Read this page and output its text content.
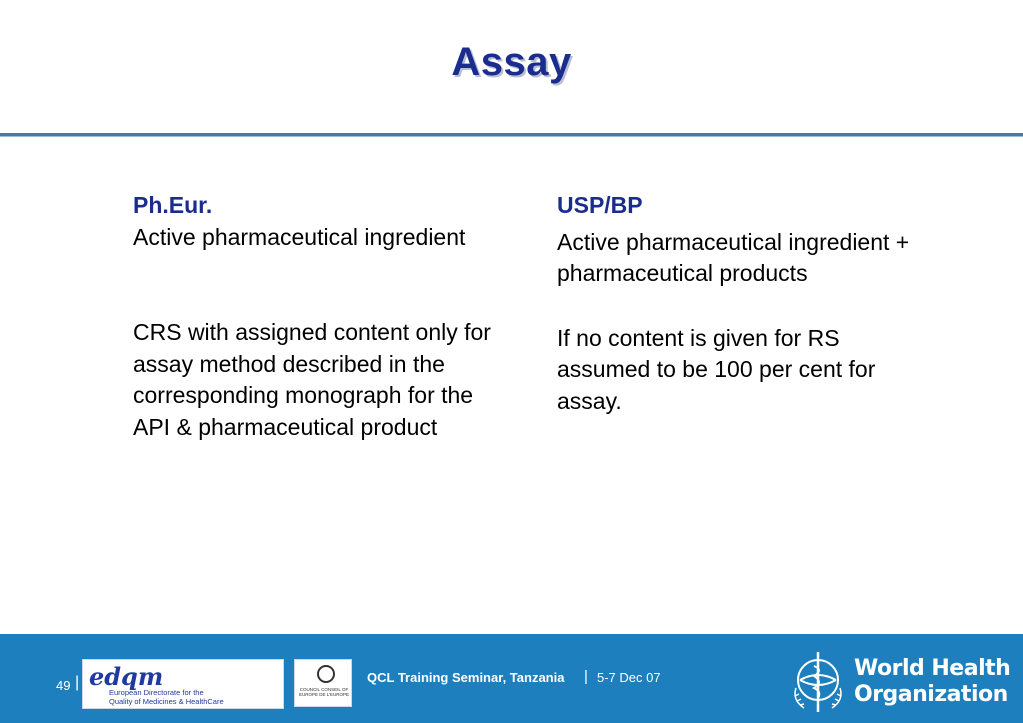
Assay
Ph.Eur.

Active pharmaceutical ingredient

CRS with assigned content only for assay method described in the corresponding monograph for the API & pharmaceutical product

USP/BP

Active pharmaceutical ingredient + pharmaceutical products

If no content is given for RS assumed to be 100 per cent for assay.

49 | edqm
European Directorate for the
Quality of Medicines & HealthCare
COUNCIL CONSEIL OF EUROPE DE L'EUROPE
QCL Training Seminar, Tanzania | 5-7 Dec 07	World Health
Organization
